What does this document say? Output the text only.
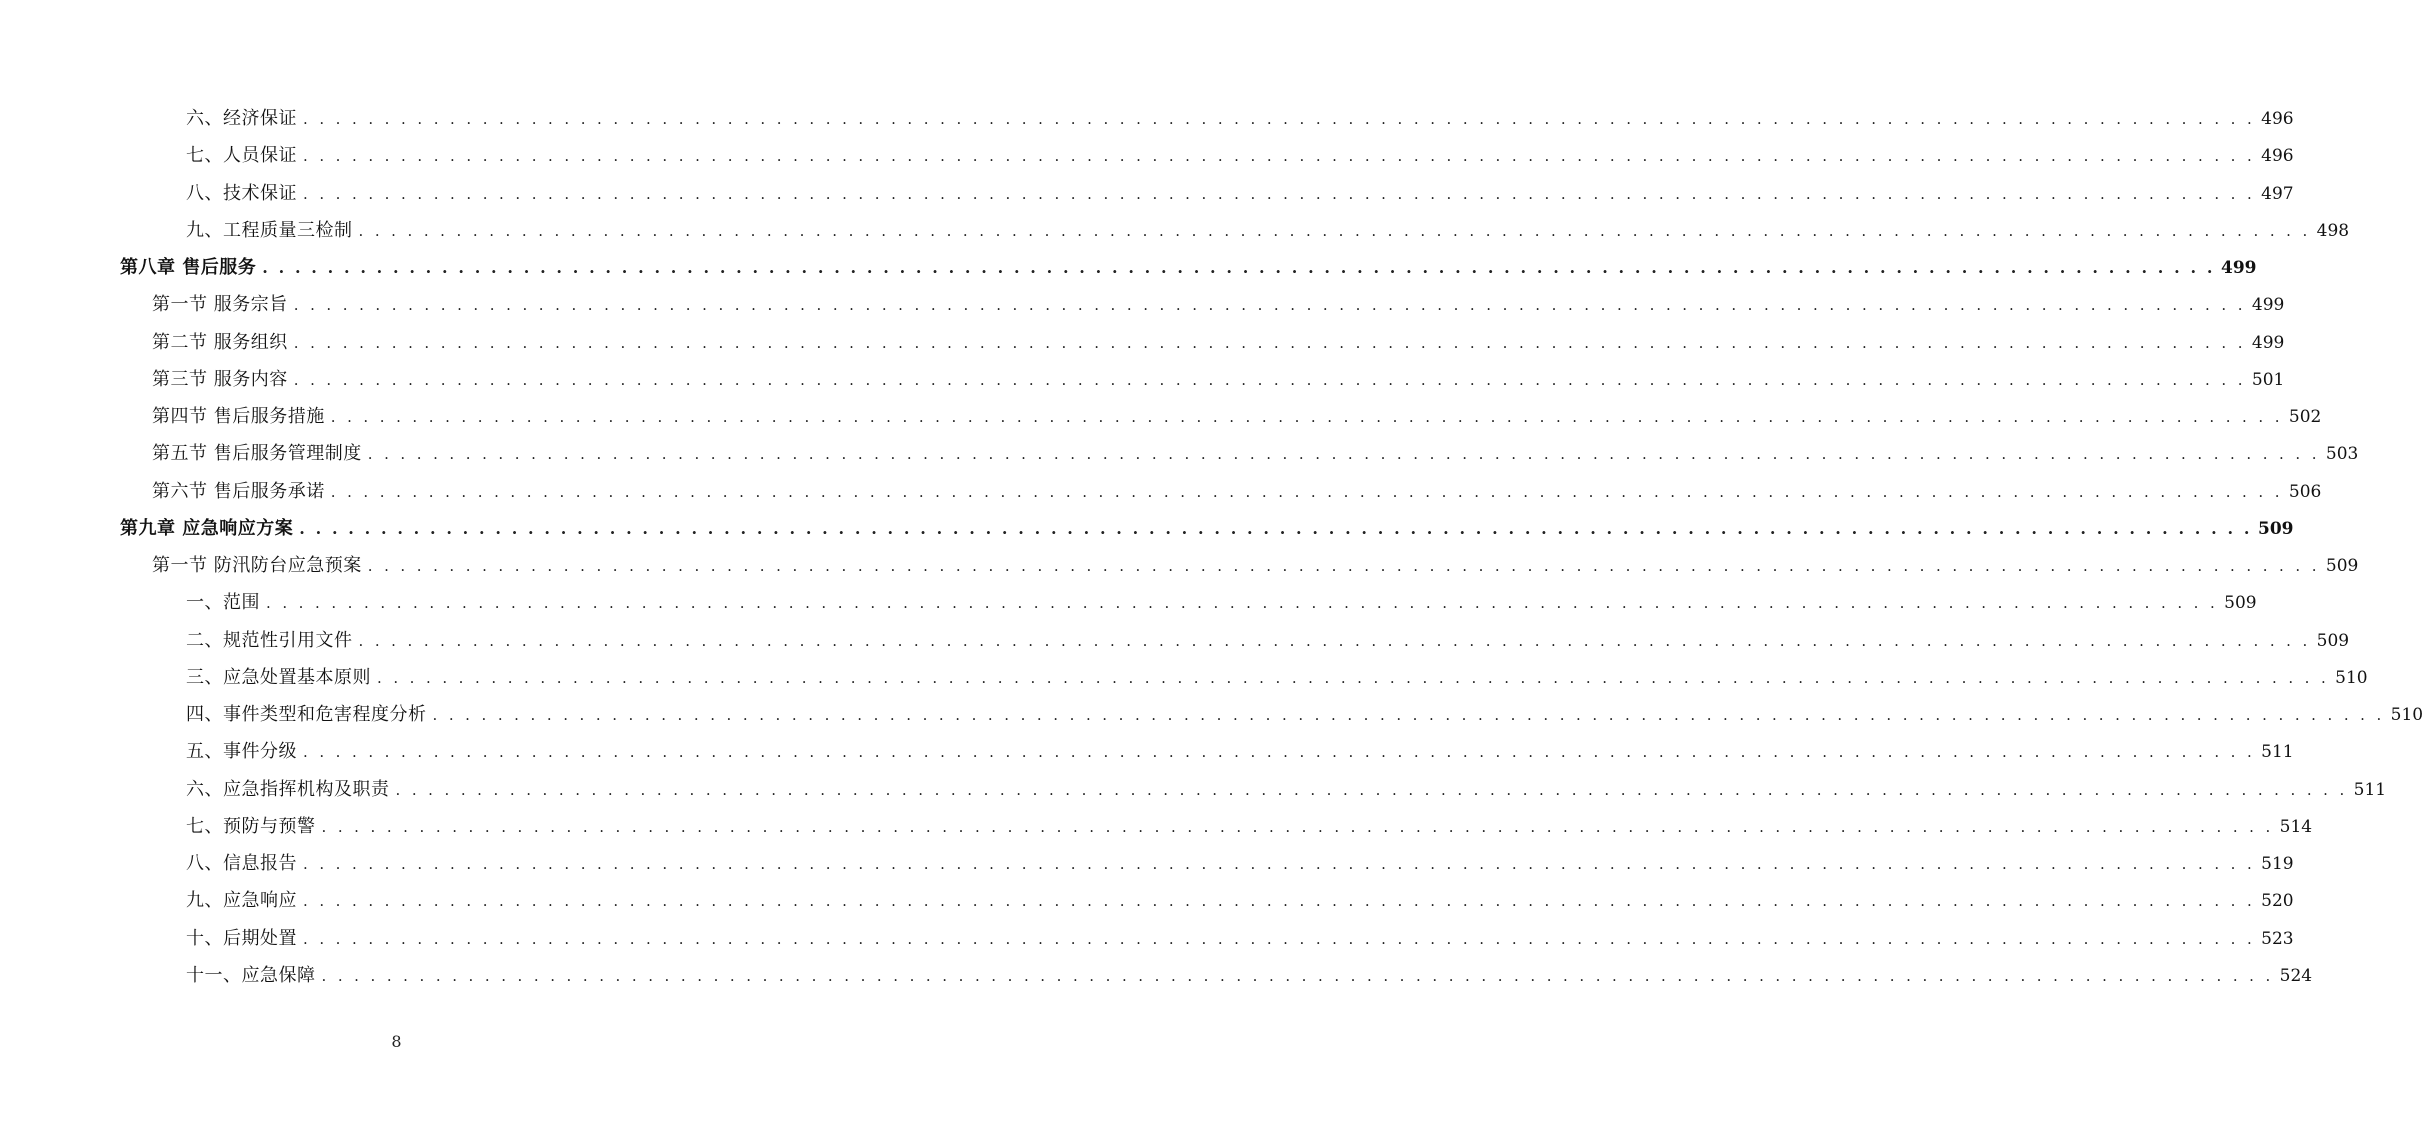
六、经济保证 . . . . . . . . . . . . . . . . . . . . . . . . . . . . . . . . . . . . . . . . . . . . . . . . . . . . . . . . . . . . . . . . . . . . . . . . . . . . . . . . . . . . . . . . . . . . . . . . . . . . . . . . . . . . . . . . . . . . . . . . 496
七、人员保证 . . . . . . . . . . . . . . . . . . . . . . . . . . . . . . . . . . . . . . . . . . . . . . . . . . . . . . . . . . . . . . . . . . . . . . . . . . . . . . . . . . . . . . . . . . . . . . . . . . . . . . . . . . . . . . . . . . . . . . . . 496
八、技术保证 . . . . . . . . . . . . . . . . . . . . . . . . . . . . . . . . . . . . . . . . . . . . . . . . . . . . . . . . . . . . . . . . . . . . . . . . . . . . . . . . . . . . . . . . . . . . . . . . . . . . . . . . . . . . . . . . . . . . . . . . 497
九、工程质量三检制 . . . . . . . . . . . . . . . . . . . . . . . . . . . . . . . . . . . . . . . . . . . . . . . . . . . . . . . . . . . . . . . . . . . . . . . . . . . . . . . . . . . . . . . . . . . . . . . . . . . . . . . . . . . . . . . . . . . . . . . . 498
第八章 售后服务 . . . . . . . . . . . . . . . . . . . . . . . . . . . . . . . . . . . . . . . . . . . . . . . . . . . . . . . . . . . . . . . . . . . . . . . . . . . . . . . . . . . . . . . . . . . . . . . . . . . . . . . . . . . . . . . . . . . . . . . . 499
第一节 服务宗旨 . . . . . . . . . . . . . . . . . . . . . . . . . . . . . . . . . . . . . . . . . . . . . . . . . . . . . . . . . . . . . . . . . . . . . . . . . . . . . . . . . . . . . . . . . . . . . . . . . . . . . . . . . . . . . . . . . . . . . . . . 499
第二节 服务组织 . . . . . . . . . . . . . . . . . . . . . . . . . . . . . . . . . . . . . . . . . . . . . . . . . . . . . . . . . . . . . . . . . . . . . . . . . . . . . . . . . . . . . . . . . . . . . . . . . . . . . . . . . . . . . . . . . . . . . . . . 499
第三节 服务内容 . . . . . . . . . . . . . . . . . . . . . . . . . . . . . . . . . . . . . . . . . . . . . . . . . . . . . . . . . . . . . . . . . . . . . . . . . . . . . . . . . . . . . . . . . . . . . . . . . . . . . . . . . . . . . . . . . . . . . . . . 501
第四节 售后服务措施 . . . . . . . . . . . . . . . . . . . . . . . . . . . . . . . . . . . . . . . . . . . . . . . . . . . . . . . . . . . . . . . . . . . . . . . . . . . . . . . . . . . . . . . . . . . . . . . . . . . . . . . . . . . . . . . . . . . . . . . . 502
第五节 售后服务管理制度 . . . . . . . . . . . . . . . . . . . . . . . . . . . . . . . . . . . . . . . . . . . . . . . . . . . . . . . . . . . . . . . . . . . . . . . . . . . . . . . . . . . . . . . . . . . . . . . . . . . . . . . . . . . . . . . . . . . . . . . . 503
第六节 售后服务承诺 . . . . . . . . . . . . . . . . . . . . . . . . . . . . . . . . . . . . . . . . . . . . . . . . . . . . . . . . . . . . . . . . . . . . . . . . . . . . . . . . . . . . . . . . . . . . . . . . . . . . . . . . . . . . . . . . . . . . . . . . 506
第九章 应急响应方案 . . . . . . . . . . . . . . . . . . . . . . . . . . . . . . . . . . . . . . . . . . . . . . . . . . . . . . . . . . . . . . . . . . . . . . . . . . . . . . . . . . . . . . . . . . . . . . . . . . . . . . . . . . . . . . . . . . . . . . . . 509
第一节 防汛防台应急预案 . . . . . . . . . . . . . . . . . . . . . . . . . . . . . . . . . . . . . . . . . . . . . . . . . . . . . . . . . . . . . . . . . . . . . . . . . . . . . . . . . . . . . . . . . . . . . . . . . . . . . . . . . . . . . . . . . . . . . . . . 509
一、范围 . . . . . . . . . . . . . . . . . . . . . . . . . . . . . . . . . . . . . . . . . . . . . . . . . . . . . . . . . . . . . . . . . . . . . . . . . . . . . . . . . . . . . . . . . . . . . . . . . . . . . . . . . . . . . . . . . . . . . . . . 509
二、规范性引用文件 . . . . . . . . . . . . . . . . . . . . . . . . . . . . . . . . . . . . . . . . . . . . . . . . . . . . . . . . . . . . . . . . . . . . . . . . . . . . . . . . . . . . . . . . . . . . . . . . . . . . . . . . . . . . . . . . . . . . . . . . 509
三、应急处置基本原则 . . . . . . . . . . . . . . . . . . . . . . . . . . . . . . . . . . . . . . . . . . . . . . . . . . . . . . . . . . . . . . . . . . . . . . . . . . . . . . . . . . . . . . . . . . . . . . . . . . . . . . . . . . . . . . . . . . . . . . . . 510
四、事件类型和危害程度分析 . . . . . . . . . . . . . . . . . . . . . . . . . . . . . . . . . . . . . . . . . . . . . . . . . . . . . . . . . . . . . . . . . . . . . . . . . . . . . . . . . . . . . . . . . . . . . . . . . . . . . . . . . . . . . . . . . . . . . . . . 510
五、事件分级 . . . . . . . . . . . . . . . . . . . . . . . . . . . . . . . . . . . . . . . . . . . . . . . . . . . . . . . . . . . . . . . . . . . . . . . . . . . . . . . . . . . . . . . . . . . . . . . . . . . . . . . . . . . . . . . . . . . . . . . . 511
六、应急指挥机构及职责 . . . . . . . . . . . . . . . . . . . . . . . . . . . . . . . . . . . . . . . . . . . . . . . . . . . . . . . . . . . . . . . . . . . . . . . . . . . . . . . . . . . . . . . . . . . . . . . . . . . . . . . . . . . . . . . . . . . . . . . . 511
七、预防与预警 . . . . . . . . . . . . . . . . . . . . . . . . . . . . . . . . . . . . . . . . . . . . . . . . . . . . . . . . . . . . . . . . . . . . . . . . . . . . . . . . . . . . . . . . . . . . . . . . . . . . . . . . . . . . . . . . . . . . . . . . 514
八、信息报告 . . . . . . . . . . . . . . . . . . . . . . . . . . . . . . . . . . . . . . . . . . . . . . . . . . . . . . . . . . . . . . . . . . . . . . . . . . . . . . . . . . . . . . . . . . . . . . . . . . . . . . . . . . . . . . . . . . . . . . . . 519
九、应急响应 . . . . . . . . . . . . . . . . . . . . . . . . . . . . . . . . . . . . . . . . . . . . . . . . . . . . . . . . . . . . . . . . . . . . . . . . . . . . . . . . . . . . . . . . . . . . . . . . . . . . . . . . . . . . . . . . . . . . . . . . 520
十、后期处置 . . . . . . . . . . . . . . . . . . . . . . . . . . . . . . . . . . . . . . . . . . . . . . . . . . . . . . . . . . . . . . . . . . . . . . . . . . . . . . . . . . . . . . . . . . . . . . . . . . . . . . . . . . . . . . . . . . . . . . . . 523
十一、应急保障 . . . . . . . . . . . . . . . . . . . . . . . . . . . . . . . . . . . . . . . . . . . . . . . . . . . . . . . . . . . . . . . . . . . . . . . . . . . . . . . . . . . . . . . . . . . . . . . . . . . . . . . . . . . . . . . . . . . . . . . . 524
8
